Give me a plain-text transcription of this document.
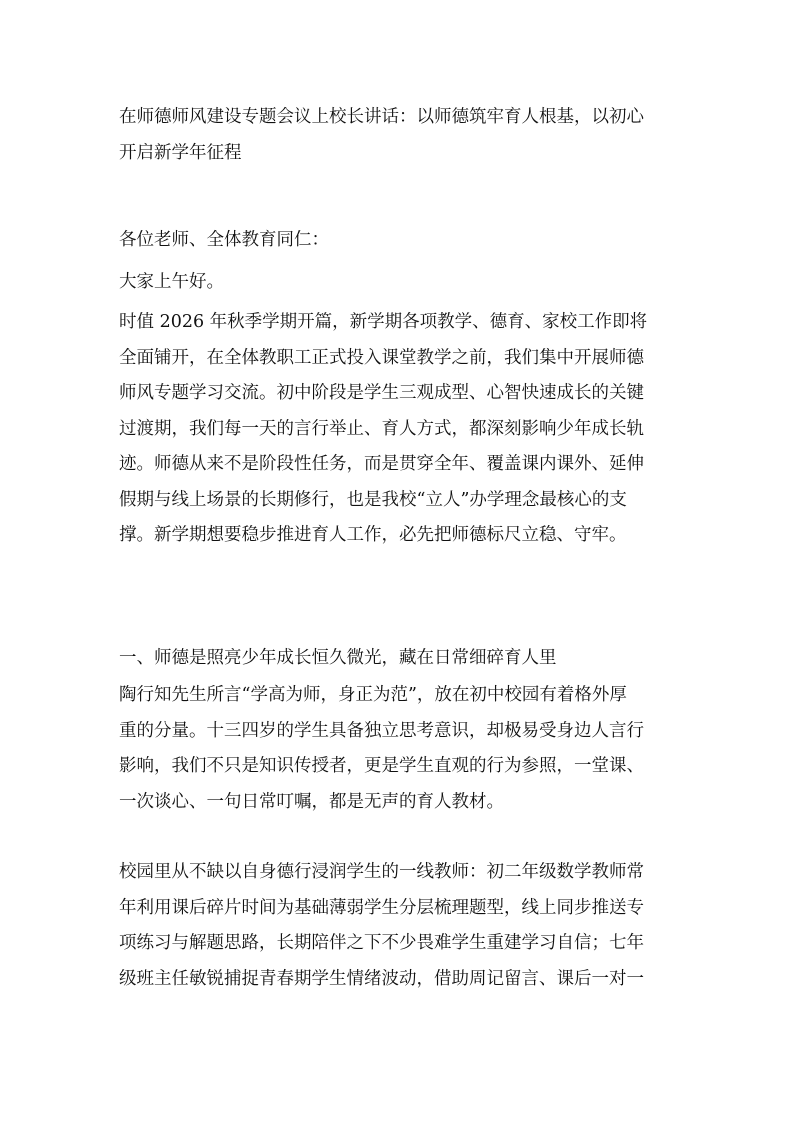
在师德师风建设专题会议上校长讲话：以师德筑牢育人根基，以初心
开启新学年征程
各位老师、全体教育同仁：
大家上午好。
时值 2026 年秋季学期开篇，新学期各项教学、德育、家校工作即将
全面铺开，在全体教职工正式投入课堂教学之前，我们集中开展师德
师风专题学习交流。初中阶段是学生三观成型、心智快速成长的关键
过渡期，我们每一天的言行举止、育人方式，都深刻影响少年成长轨
迹。师德从来不是阶段性任务，而是贯穿全年、覆盖课内课外、延伸
假期与线上场景的长期修行，也是我校“立人”办学理念最核心的支
撑。新学期想要稳步推进育人工作，必先把师德标尺立稳、守牢。
一、师德是照亮少年成长恒久微光，藏在日常细碎育人里
陶行知先生所言“学高为师，身正为范”，放在初中校园有着格外厚
重的分量。十三四岁的学生具备独立思考意识，却极易受身边人言行
影响，我们不只是知识传授者，更是学生直观的行为参照，一堂课、
一次谈心、一句日常叮嘱，都是无声的育人教材。
校园里从不缺以自身德行浸润学生的一线教师：初二年级数学教师常
年利用课后碎片时间为基础薄弱学生分层梳理题型，线上同步推送专
项练习与解题思路，长期陪伴之下不少畏难学生重建学习自信；七年
级班主任敏锐捕捉青春期学生情绪波动，借助周记留言、课后一对一
